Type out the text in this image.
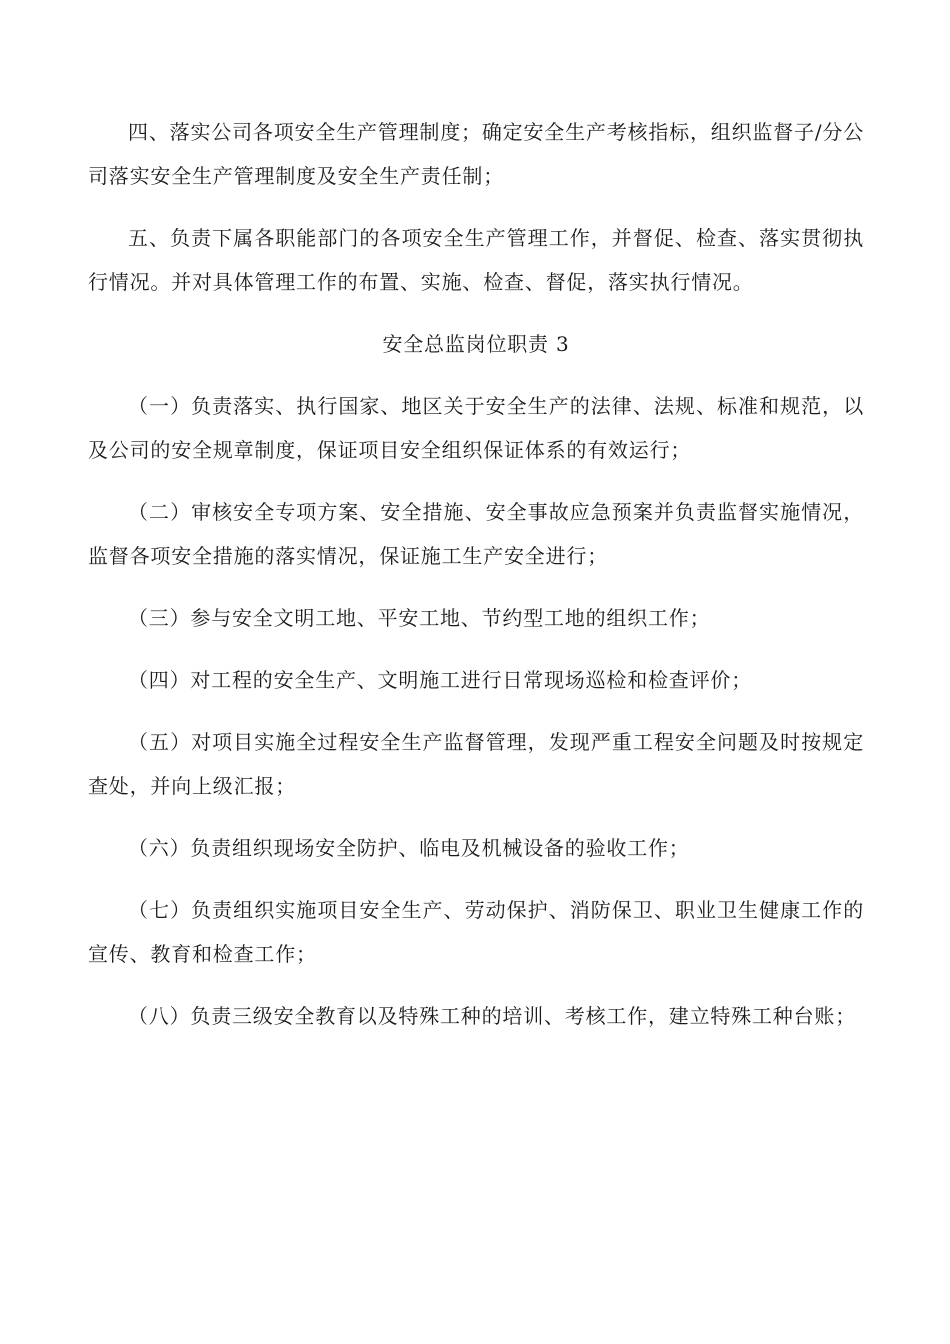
四、落实公司各项安全生产管理制度；确定安全生产考核指标，组织监督子/分公司落实安全生产管理制度及安全生产责任制；

五、负责下属各职能部门的各项安全生产管理工作，并督促、检查、落实贯彻执行情况。并对具体管理工作的布置、实施、检查、督促，落实执行情况。

安全总监岗位职责 3

（一）负责落实、执行国家、地区关于安全生产的法律、法规、标准和规范，以及公司的安全规章制度，保证项目安全组织保证体系的有效运行；

（二）审核安全专项方案、安全措施、安全事故应急预案并负责监督实施情况，监督各项安全措施的落实情况，保证施工生产安全进行；

（三）参与安全文明工地、平安工地、节约型工地的组织工作；

（四）对工程的安全生产、文明施工进行日常现场巡检和检查评价；

（五）对项目实施全过程安全生产监督管理，发现严重工程安全问题及时按规定查处，并向上级汇报；

（六）负责组织现场安全防护、临电及机械设备的验收工作；

（七）负责组织实施项目安全生产、劳动保护、消防保卫、职业卫生健康工作的宣传、教育和检查工作；

（八）负责三级安全教育以及特殊工种的培训、考核工作，建立特殊工种台账；
